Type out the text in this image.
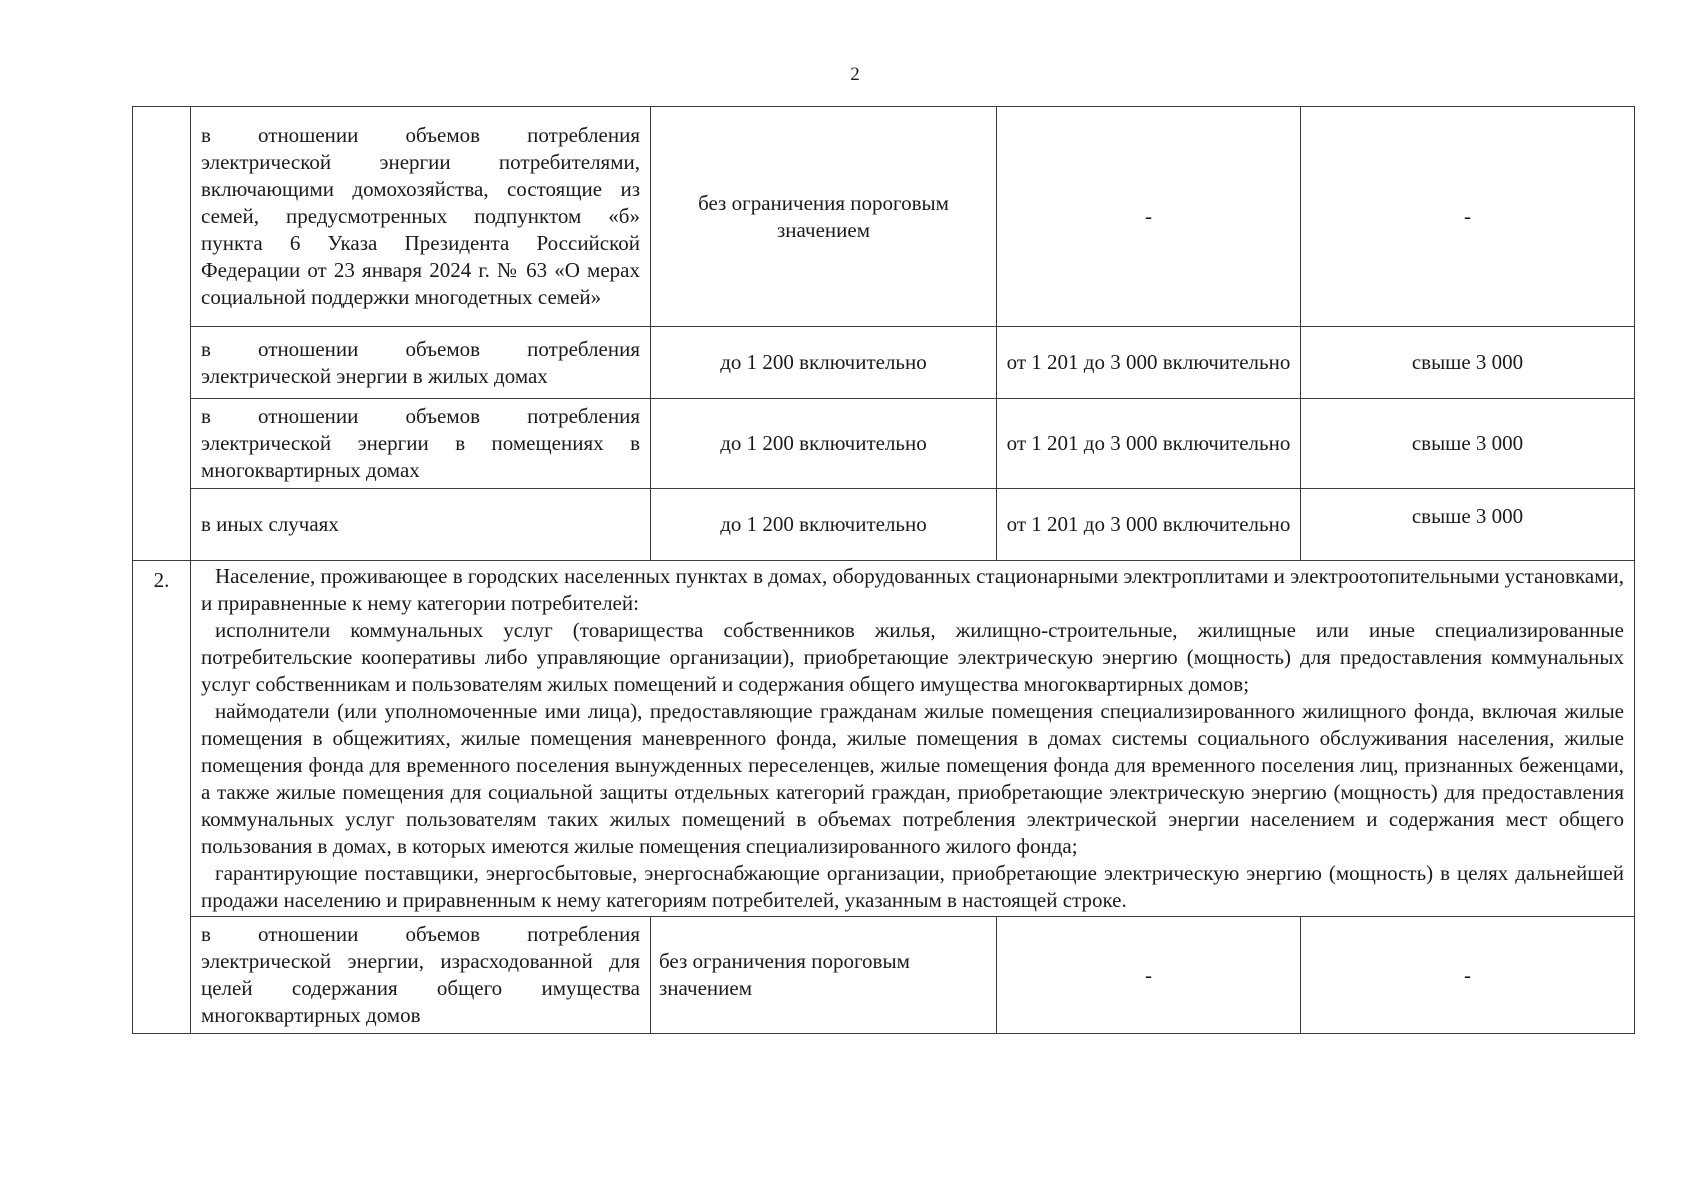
2
	в отношении объемов потребления электрической энергии потребителями, включающими домохозяйства, состоящие из семей, предусмотренных подпунктом «б» пункта 6 Указа Президента Российской Федерации от 23 января 2024 г. № 63 «О мерах социальной поддержки многодетных семей»	без ограничения пороговым значением	-	-
	в отношении объемов потребления электрической энергии в жилых домах	до 1 200 включительно	от 1 201 до 3 000 включительно	свыше 3 000
	в отношении объемов потребления электрической энергии в помещениях в многоквартирных домах	до 1 200 включительно	от 1 201 до 3 000 включительно	свыше 3 000
	в иных случаях	до 1 200 включительно	от 1 201 до 3 000 включительно	свыше 3 000
2.	Население, проживающее в городских населенных пунктах в домах, оборудованных стационарными электроплитами и электроотопительными установками, и приравненные к нему категории потребителей:

исполнители коммунальных услуг (товарищества собственников жилья, жилищно-строительные, жилищные или иные специализированные потребительские кооперативы либо управляющие организации), приобретающие электрическую энергию (мощность) для предоставления коммунальных услуг собственникам и пользователям жилых помещений и содержания общего имущества многоквартирных домов;

наймодатели (или уполномоченные ими лица), предоставляющие гражданам жилые помещения специализированного жилищного фонда, включая жилые помещения в общежитиях, жилые помещения маневренного фонда, жилые помещения в домах системы социального обслуживания населения, жилые помещения фонда для временного поселения вынужденных переселенцев, жилые помещения фонда для временного поселения лиц, признанных беженцами, а также жилые помещения для социальной защиты отдельных категорий граждан, приобретающие электрическую энергию (мощность) для предоставления коммунальных услуг пользователям таких жилых помещений в объемах потребления электрической энергии населением и содержания мест общего пользования в домах, в которых имеются жилые помещения специализированного жилого фонда;

гарантирующие поставщики, энергосбытовые, энергоснабжающие организации, приобретающие электрическую энергию (мощность) в целях дальнейшей продажи населению и приравненным к нему категориям потребителей, указанным в настоящей строке.			

	в отношении объемов потребления электрической энергии, израсходованной для целей содержания общего имущества многоквартирных домов	без ограничения пороговым значением	-	-
